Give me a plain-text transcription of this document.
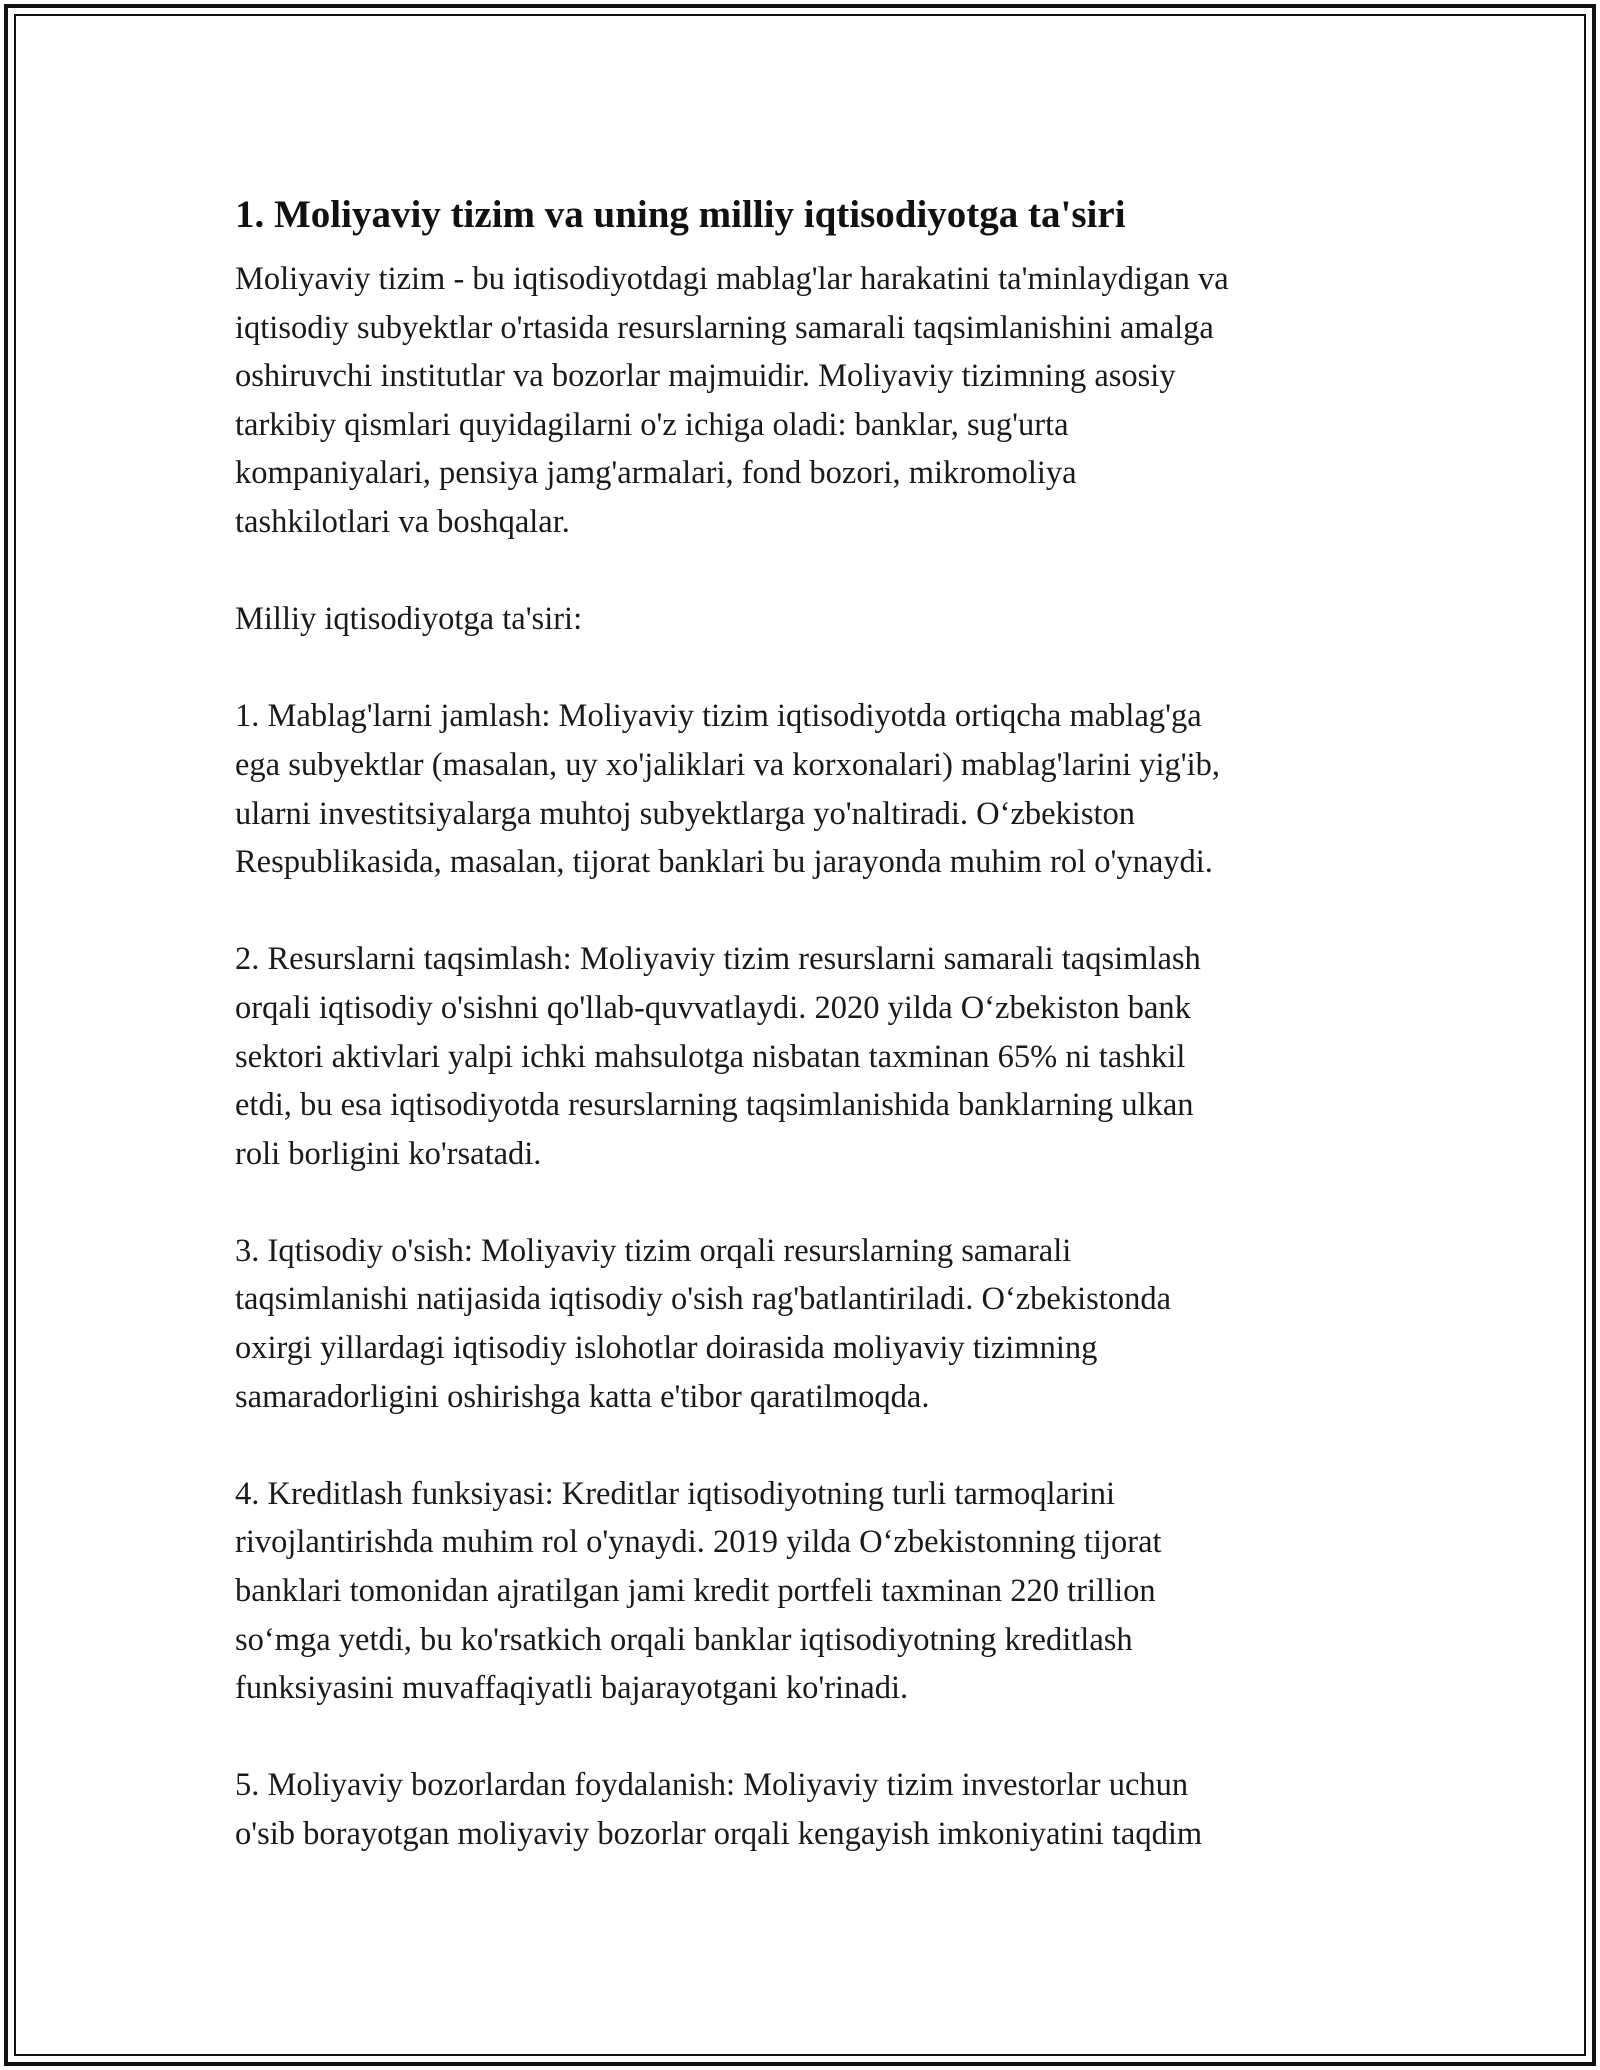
1. Moliyaviy tizim va uning milliy iqtisodiyotga ta'siri

Moliyaviy tizim - bu iqtisodiyotdagi mablag'lar harakatini ta'minlaydigan va
iqtisodiy subyektlar o'rtasida resurslarning samarali taqsimlanishini amalga
oshiruvchi institutlar va bozorlar majmuidir. Moliyaviy tizimning asosiy
tarkibiy qismlari quyidagilarni o'z ichiga oladi: banklar, sug'urta
kompaniyalari, pensiya jamg'armalari, fond bozori, mikromoliya
tashkilotlari va boshqalar.

Milliy iqtisodiyotga ta'siri:

1. Mablag'larni jamlash: Moliyaviy tizim iqtisodiyotda ortiqcha mablag'ga
ega subyektlar (masalan, uy xo'jaliklari va korxonalari) mablag'larini yig'ib,
ularni investitsiyalarga muhtoj subyektlarga yo'naltiradi. O‘zbekiston
Respublikasida, masalan, tijorat banklari bu jarayonda muhim rol o'ynaydi.

2. Resurslarni taqsimlash: Moliyaviy tizim resurslarni samarali taqsimlash
orqali iqtisodiy o'sishni qo'llab-quvvatlaydi. 2020 yilda O‘zbekiston bank
sektori aktivlari yalpi ichki mahsulotga nisbatan taxminan 65% ni tashkil
etdi, bu esa iqtisodiyotda resurslarning taqsimlanishida banklarning ulkan
roli borligini ko'rsatadi.

3. Iqtisodiy o'sish: Moliyaviy tizim orqali resurslarning samarali
taqsimlanishi natijasida iqtisodiy o'sish rag'batlantiriladi. O‘zbekistonda
oxirgi yillardagi iqtisodiy islohotlar doirasida moliyaviy tizimning
samaradorligini oshirishga katta e'tibor qaratilmoqda.

4. Kreditlash funksiyasi: Kreditlar iqtisodiyotning turli tarmoqlarini
rivojlantirishda muhim rol o'ynaydi. 2019 yilda O‘zbekistonning tijorat
banklari tomonidan ajratilgan jami kredit portfeli taxminan 220 trillion
so‘mga yetdi, bu ko'rsatkich orqali banklar iqtisodiyotning kreditlash
funksiyasini muvaffaqiyatli bajarayotgani ko'rinadi.

5. Moliyaviy bozorlardan foydalanish: Moliyaviy tizim investorlar uchun
o'sib borayotgan moliyaviy bozorlar orqali kengayish imkoniyatini taqdim
